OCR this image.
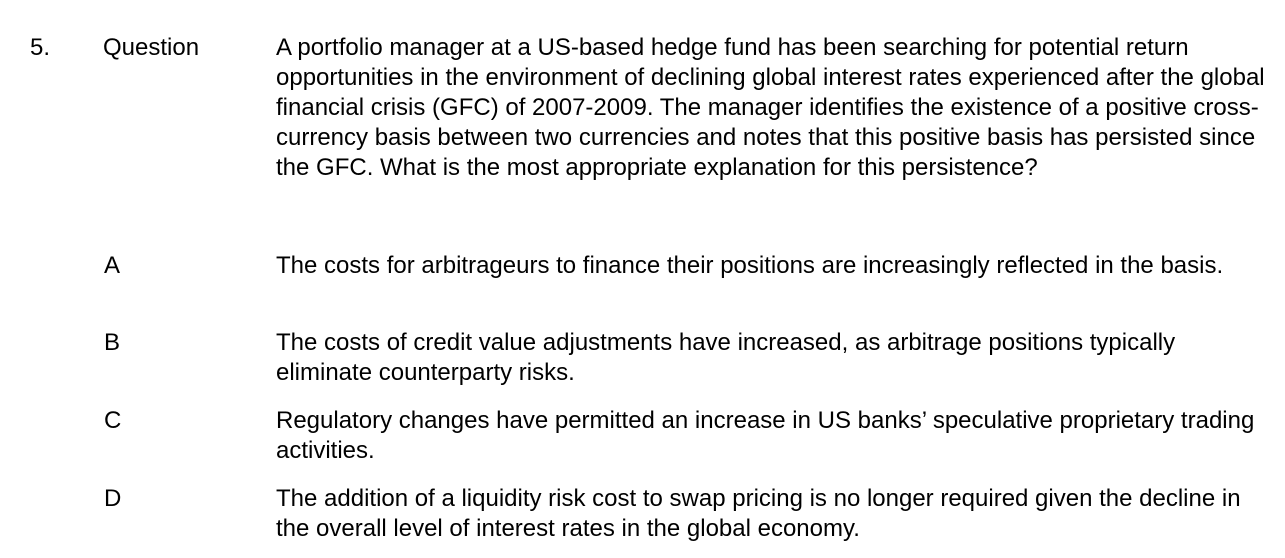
5. Question	A portfolio manager at a US-based hedge fund has been searching for potential return opportunities in the environment of declining global interest rates experienced after the global financial crisis (GFC) of 2007-2009. The manager identifies the existence of a positive cross-currency basis between two currencies and notes that this positive basis has persisted since the GFC. What is the most appropriate explanation for this persistence?
A	The costs for arbitrageurs to finance their positions are increasingly reflected in the basis.
B	The costs of credit value adjustments have increased, as arbitrage positions typically eliminate counterparty risks.
C	Regulatory changes have permitted an increase in US banks’ speculative proprietary trading activities.
D	The addition of a liquidity risk cost to swap pricing is no longer required given the decline in the overall level of interest rates in the global economy.
